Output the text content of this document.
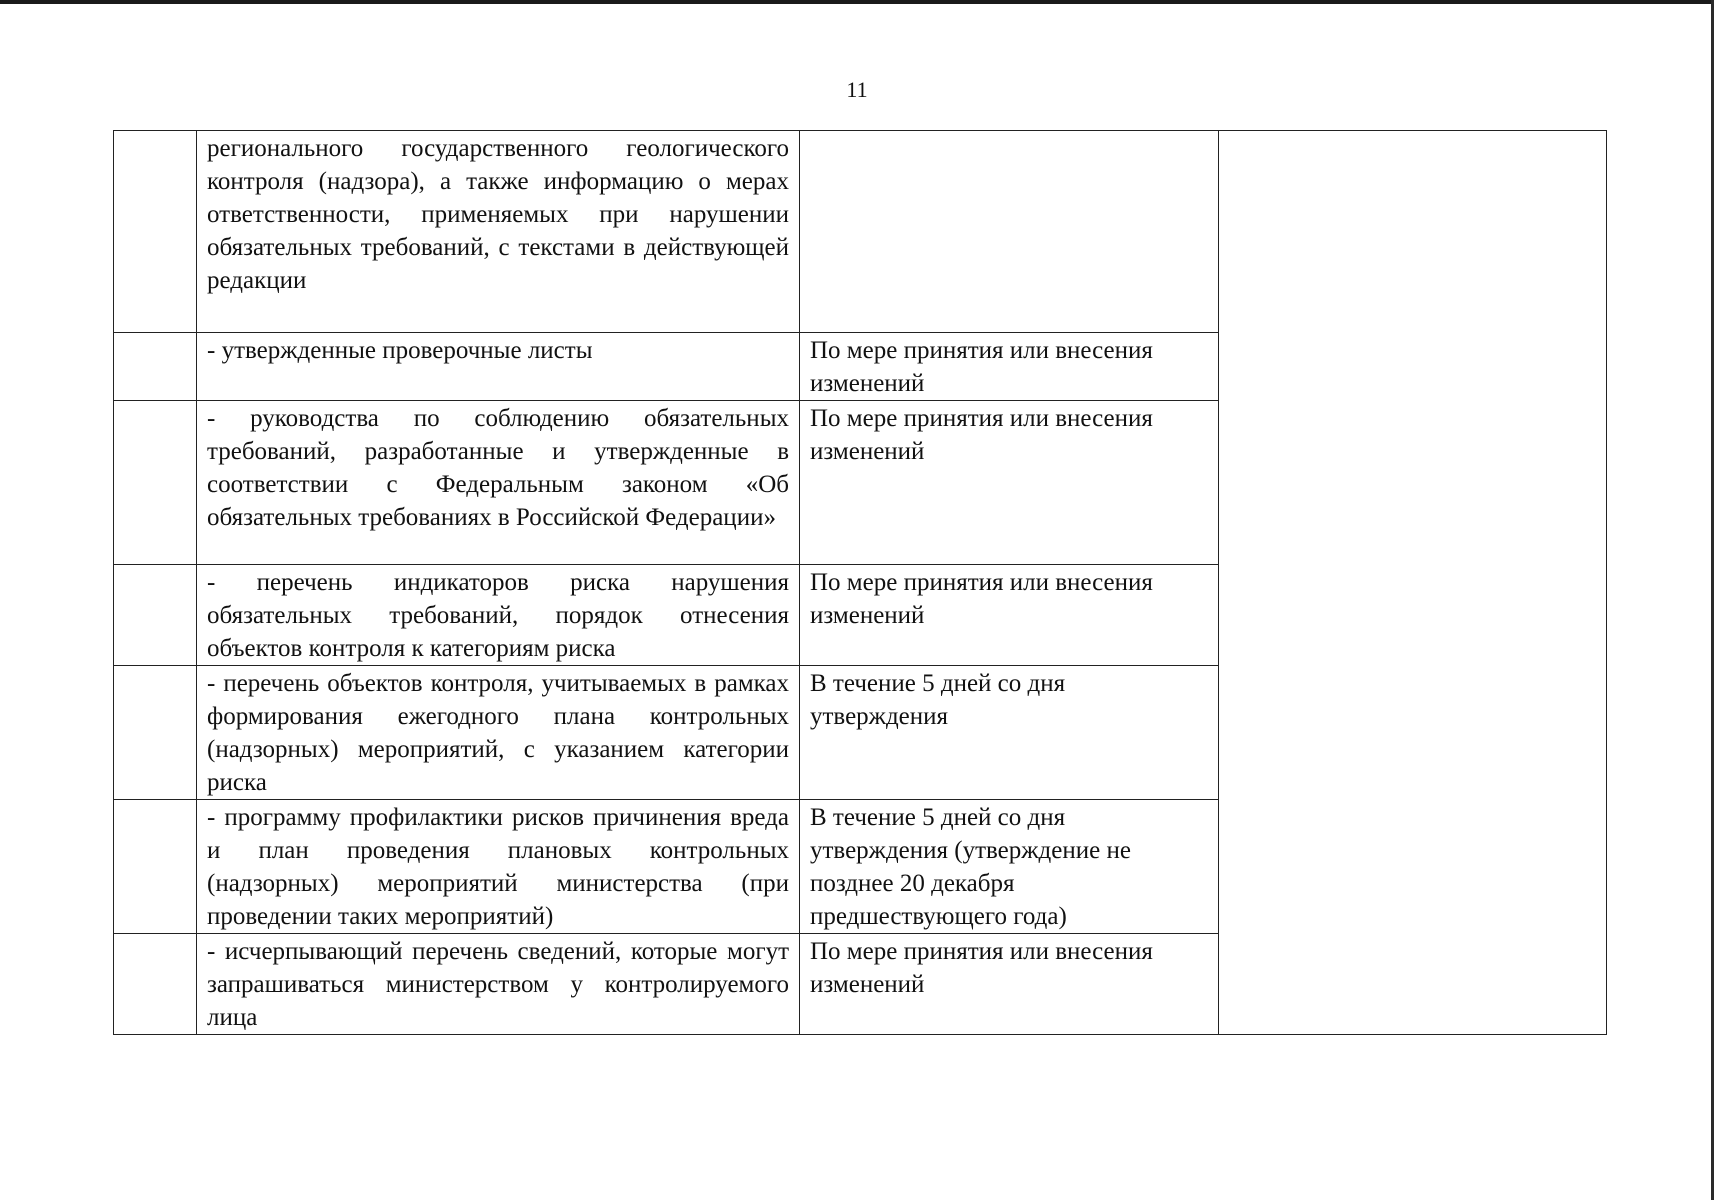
11
	регионального государственного геологического контроля (надзора), а также информацию о мерах ответственности, применяемых при нарушении обязательных требований, с текстами в действующей редакции		
	- утвержденные проверочные листы	По мере принятия или внесения изменений	
	- руководства по соблюдению обязательных требований, разработанные и утвержденные в соответствии с Федеральным законом «Об обязательных требованиях в Российской Федерации»	По мере принятия или внесения изменений	
	- перечень индикаторов риска нарушения обязательных требований, порядок отнесения объектов контроля к категориям риска	По мере принятия или внесения изменений	
	- перечень объектов контроля, учитываемых в рамках формирования ежегодного плана контрольных (надзорных) мероприятий, с указанием категории риска	В течение 5 дней со дня утверждения	
	- программу профилактики рисков причинения вреда и план проведения плановых контрольных (надзорных) мероприятий министерства (при проведении таких мероприятий)	В течение 5 дней со дня утверждения (утверждение не позднее 20 декабря предшествующего года)	
	- исчерпывающий перечень сведений, которые могут запрашиваться министерством у контролируемого лица	По мере принятия или внесения изменений	
